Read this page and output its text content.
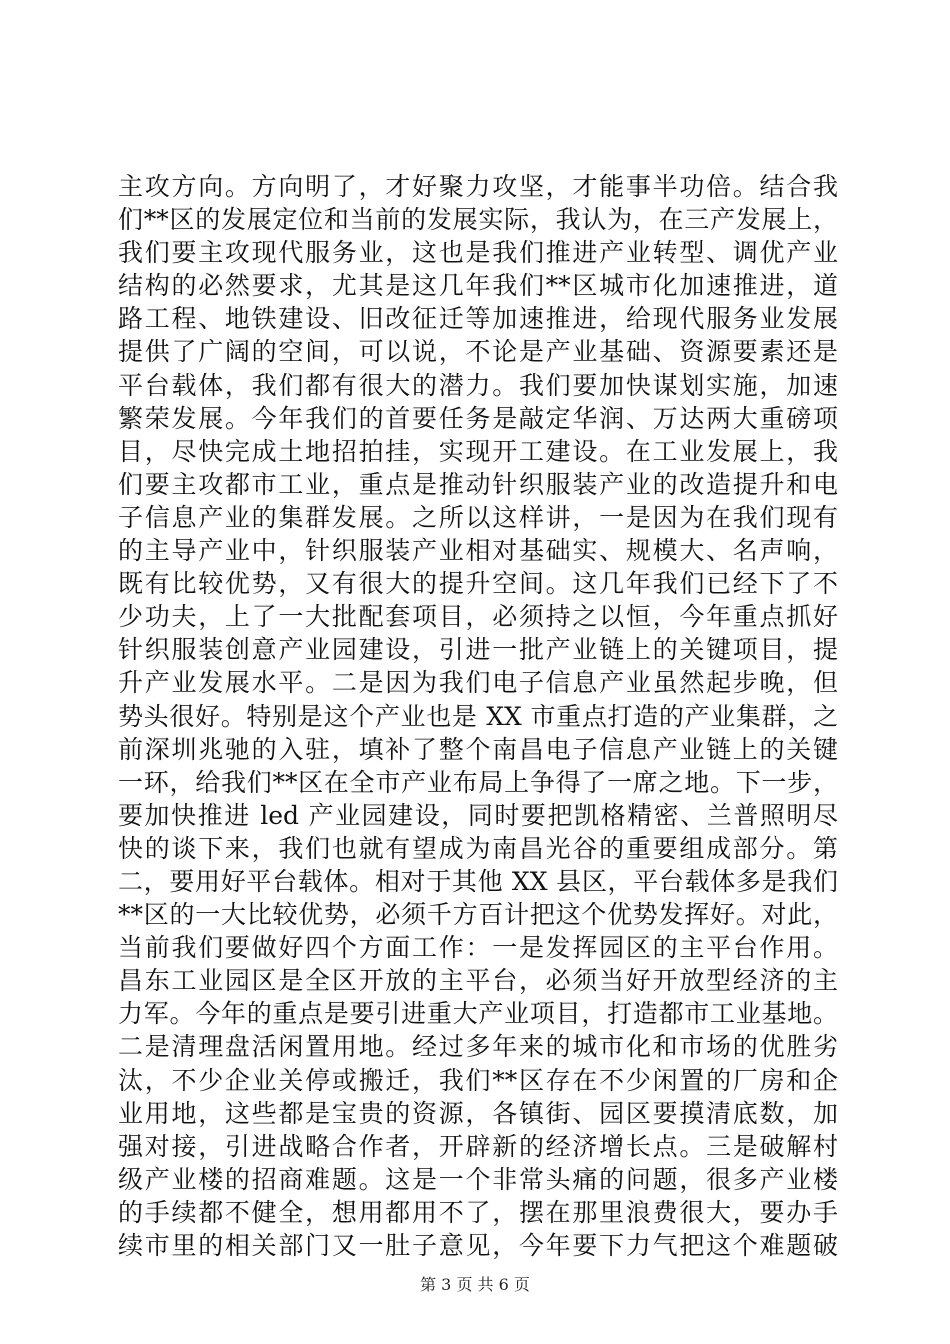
主攻方向。方向明了，才好聚力攻坚，才能事半功倍。结合我
们**区的发展定位和当前的发展实际，我认为，在三产发展上，
我们要主攻现代服务业，这也是我们推进产业转型、调优产业
结构的必然要求，尤其是这几年我们**区城市化加速推进，道
路工程、地铁建设、旧改征迁等加速推进，给现代服务业发展
提供了广阔的空间，可以说，不论是产业基础、资源要素还是
平台载体，我们都有很大的潜力。我们要加快谋划实施，加速
繁荣发展。今年我们的首要任务是敲定华润、万达两大重磅项
目，尽快完成土地招拍挂，实现开工建设。在工业发展上，我
们要主攻都市工业，重点是推动针织服装产业的改造提升和电
子信息产业的集群发展。之所以这样讲，一是因为在我们现有
的主导产业中，针织服装产业相对基础实、规模大、名声响，
既有比较优势，又有很大的提升空间。这几年我们已经下了不
少功夫，上了一大批配套项目，必须持之以恒，今年重点抓好
针织服装创意产业园建设，引进一批产业链上的关键项目，提
升产业发展水平。二是因为我们电子信息产业虽然起步晚，但
势头很好。特别是这个产业也是 XX 市重点打造的产业集群，之
前深圳兆驰的入驻，填补了整个南昌电子信息产业链上的关键
一环，给我们**区在全市产业布局上争得了一席之地。下一步，
要加快推进 led 产业园建设，同时要把凯格精密、兰普照明尽
快的谈下来，我们也就有望成为南昌光谷的重要组成部分。第
二，要用好平台载体。相对于其他 XX 县区，平台载体多是我们
**区的一大比较优势，必须千方百计把这个优势发挥好。对此，
当前我们要做好四个方面工作：一是发挥园区的主平台作用。
昌东工业园区是全区开放的主平台，必须当好开放型经济的主
力军。今年的重点是要引进重大产业项目，打造都市工业基地。
二是清理盘活闲置用地。经过多年来的城市化和市场的优胜劣
汰，不少企业关停或搬迁，我们**区存在不少闲置的厂房和企
业用地，这些都是宝贵的资源，各镇街、园区要摸清底数，加
强对接，引进战略合作者，开辟新的经济增长点。三是破解村
级产业楼的招商难题。这是一个非常头痛的问题，很多产业楼
的手续都不健全，想用都用不了，摆在那里浪费很大，要办手
续市里的相关部门又一肚子意见，今年要下力气把这个难题破
第 3 页 共 6 页
